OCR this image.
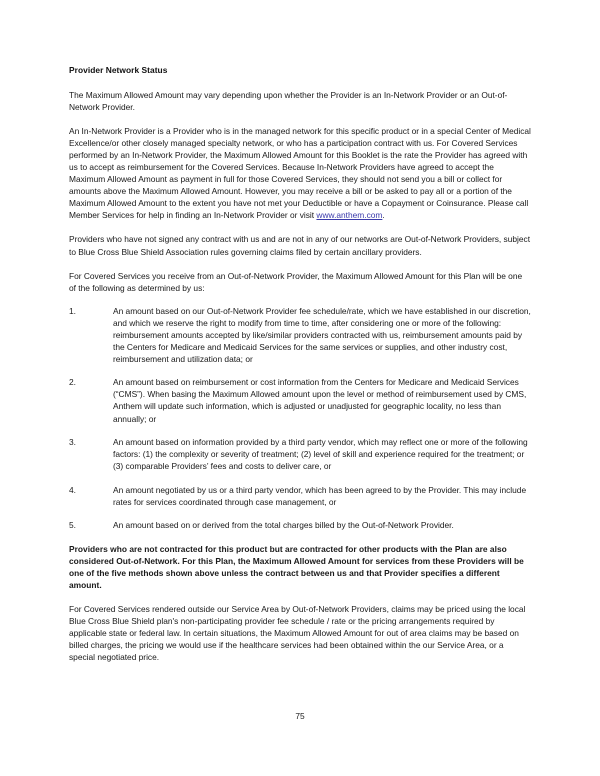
Provider Network Status

The Maximum Allowed Amount may vary depending upon whether the Provider is an In-Network Provider or an Out-of-Network Provider.

An In-Network Provider is a Provider who is in the managed network for this specific product or in a special Center of Medical Excellence/or other closely managed specialty network, or who has a participation contract with us. For Covered Services performed by an In-Network Provider, the Maximum Allowed Amount for this Booklet is the rate the Provider has agreed with us to accept as reimbursement for the Covered Services. Because In-Network Providers have agreed to accept the Maximum Allowed Amount as payment in full for those Covered Services, they should not send you a bill or collect for amounts above the Maximum Allowed Amount. However, you may receive a bill or be asked to pay all or a portion of the Maximum Allowed Amount to the extent you have not met your Deductible or have a Copayment or Coinsurance. Please call Member Services for help in finding an In-Network Provider or visit www.anthem.com.

Providers who have not signed any contract with us and are not in any of our networks are Out-of-Network Providers, subject to Blue Cross Blue Shield Association rules governing claims filed by certain ancillary providers.

For Covered Services you receive from an Out-of-Network Provider, the Maximum Allowed Amount for this Plan will be one of the following as determined by us:

1.	An amount based on our Out-of-Network Provider fee schedule/rate, which we have established in our discretion, and which we reserve the right to modify from time to time, after considering one or more of the following: reimbursement amounts accepted by like/similar providers contracted with us, reimbursement amounts paid by the Centers for Medicare and Medicaid Services for the same services or supplies, and other industry cost, reimbursement and utilization data; or
2.	An amount based on reimbursement or cost information from the Centers for Medicare and Medicaid Services (“CMS”). When basing the Maximum Allowed amount upon the level or method of reimbursement used by CMS, Anthem will update such information, which is adjusted or unadjusted for geographic locality, no less than annually; or
3.	An amount based on information provided by a third party vendor, which may reflect one or more of the following factors: (1) the complexity or severity of treatment; (2) level of skill and experience required for the treatment; or (3) comparable Providers’ fees and costs to deliver care, or
4.	An amount negotiated by us or a third party vendor, which has been agreed to by the Provider. This may include rates for services coordinated through case management, or
5.	An amount based on or derived from the total charges billed by the Out-of-Network Provider.

Providers who are not contracted for this product but are contracted for other products with the Plan are also considered Out-of-Network. For this Plan, the Maximum Allowed Amount for services from these Providers will be one of the five methods shown above unless the contract between us and that Provider specifies a different amount.

For Covered Services rendered outside our Service Area by Out-of-Network Providers, claims may be priced using the local Blue Cross Blue Shield plan's non-participating provider fee schedule / rate or the pricing arrangements required by applicable state or federal law. In certain situations, the Maximum Allowed Amount for out of area claims may be based on billed charges, the pricing we would use if the healthcare services had been obtained within the our Service Area, or a special negotiated price.

75
